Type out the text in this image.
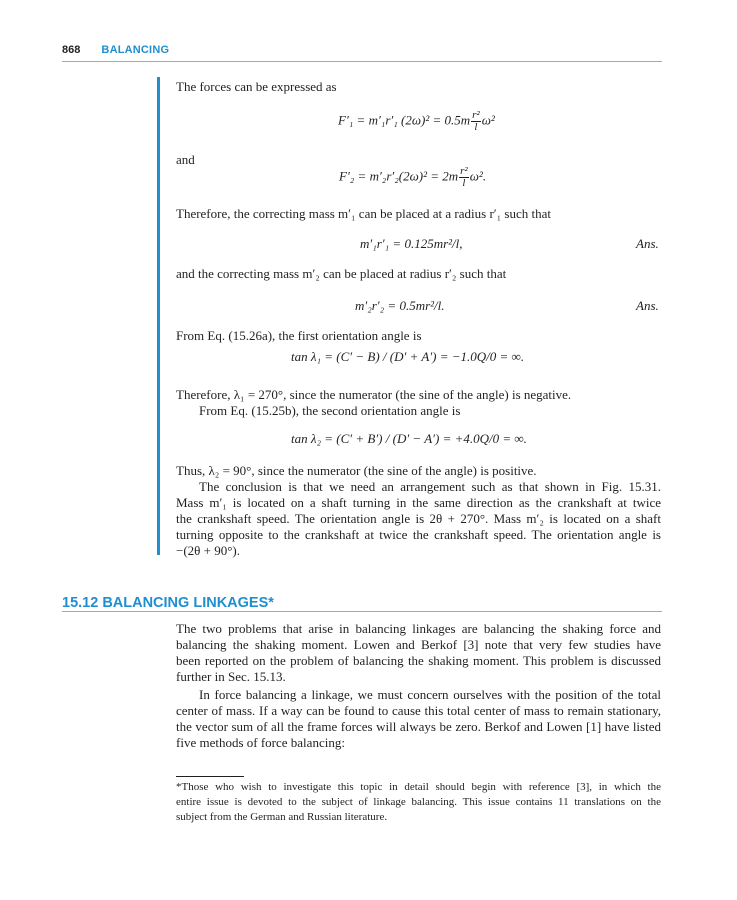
868 BALANCING
The forces can be expressed as
F′₁ = m′₁r′₁ $(2\omega)^2 = 0.5m \frac{\text{r²}}{l} \omega^2$
and
$F'_2 = m'_2r'_2(2\omega)^2 = 2m \frac{\text{r²}}{l} \omega^2$.
Therefore, the correcting mass m′₁ can be placed at a radius r′₁ such that
m′₁r′₁ = 0.125mr²/l,	Ans.
and the correcting mass m′₂ can be placed at radius r′₂ such that
m′₂r′₂ = 0.5mr²/l.	Ans.
From Eq. (15.26a), the first orientation angle is
tan λ₁ = (C′ − B) / (D′ + A′) = −1.0Q/0 = ∞.
Therefore, λ₁ = 270°, since the numerator (the sine of the angle) is negative.
From Eq. (15.25b), the second orientation angle is
tan λ₂ = (C′ + B′) / (D′ − A′) = +4.0Q/0 = ∞.
Thus, λ₂ = 90°, since the numerator (the sine of the angle) is positive.
The conclusion is that we need an arrangement such as that shown in Fig. 15.31.
Mass m′₁ is located on a shaft turning in the same direction as the crankshaft at twice
the crankshaft speed. The orientation angle is 2θ + 270°. Mass m′₂ is located on a shaft
turning opposite to the crankshaft at twice the crankshaft speed. The orientation angle is
−(2θ + 90°).
15.12 BALANCING LINKAGES*
The two problems that arise in balancing linkages are balancing the shaking force and
balancing the shaking moment. Lowen and Berkof [3] note that very few studies have
been reported on the problem of balancing the shaking moment. This problem is discussed
further in Sec. 15.13.
In force balancing a linkage, we must concern ourselves with the position of the total
center of mass. If a way can be found to cause this total center of mass to remain stationary,
the vector sum of all the frame forces will always be zero. Berkof and Lowen [1] have listed
five methods of force balancing:
*Those who wish to investigate this topic in detail should begin with reference [3], in which the
entire issue is devoted to the subject of linkage balancing. This issue contains 11 translations on the
subject from the German and Russian literature.
